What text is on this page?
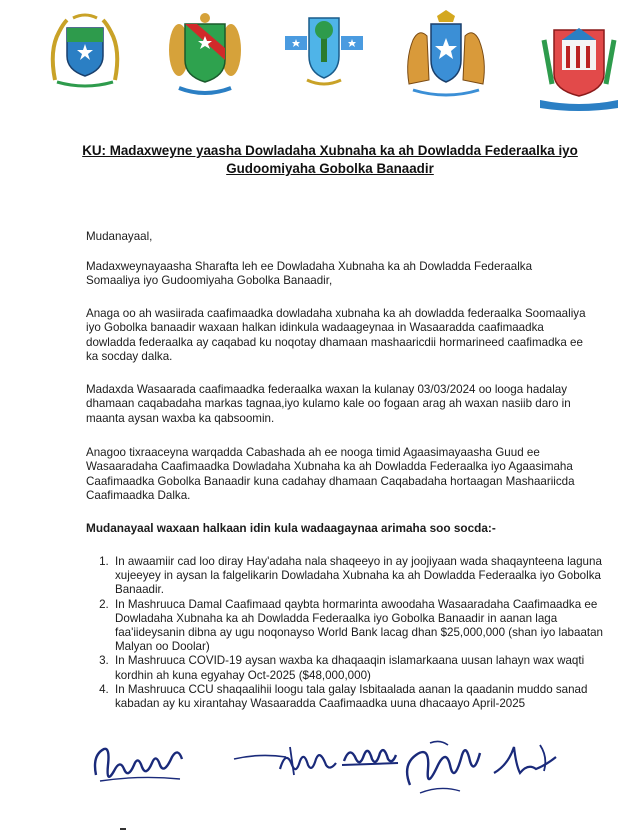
G.BANAADIR
KU: Madaxweyne yaasha Dowladaha Xubnaha ka ah Dowladda Federaalka iyo Gudoomiyaha Gobolka Banaadir

Mudanayaal,

Madaxweynayaasha Sharafta leh ee Dowladaha Xubnaha ka ah Dowladda Federaalka Somaaliya iyo Gudoomiyaha Gobolka Banaadir,

Anaga oo ah wasiirada caafimaadka dowladaha xubnaha ka ah dowladda federaalka Soomaaliya iyo Gobolka banaadir waxaan halkan idinkula wadaageynaa in Wasaaradda caafimaadka dowladda federaalka ay caqabad ku noqotay dhamaan mashaaricdii hormarineed caafimadka ee ka socday dalka.

Madaxda Wasaarada caafimaadka federaalka waxan la kulanay 03/03/2024 oo looga hadalay dhamaan caqabadaha markas tagnaa,iyo kulamo kale oo fogaan arag ah waxan nasiib daro in maanta aysan waxba ka qabsoomin.

Anagoo tixraaceyna warqadda Cabashada ah ee nooga timid Agaasimayaasha Guud ee Wasaaradaha Caafimaadka Dowladaha Xubnaha ka ah Dowladda Federaalka iyo Agaasimaha Caafimaadka Gobolka Banaadir kuna cadahay dhamaan Caqabadaha hortaagan Mashaariicda Caafimaadka Dalka.

Mudanayaal waxaan halkaan idin kula wadaagaynaa arimaha soo socda:-

1. In awaamiir cad loo diray Hay'adaha nala shaqeeyo in ay joojiyaan wada shaqaynteena laguna xujeeyey in aysan la falgelikarin Dowladaha Xubnaha ka ah Dowladda Federaalka iyo Gobolka Banaadir.
2. In Mashruuca Damal Caafimaad qaybta hormarinta awoodaha Wasaaradaha Caafimaadka ee Dowladaha Xubnaha ka ah Dowladda Federaalka iyo Gobolka Banaadir in aanan laga faa'iideysanin dibna ay ugu noqonayso World Bank lacag dhan $25,000,000 (shan iyo labaatan Malyan oo Doolar)
3. In Mashruuca COVID-19 aysan waxba ka dhaqaaqin islamarkaana uusan lahayn wax waqti kordhin ah kuna egyahay Oct-2025 ($48,000,000)
4. In Mashruuca CCU shaqaalihii loogu tala galay Isbitaalada aanan la qaadanin muddo sanad kabadan ay ku xirantahay Wasaaradda Caafimaadka uuna dhacaayo April-2025
